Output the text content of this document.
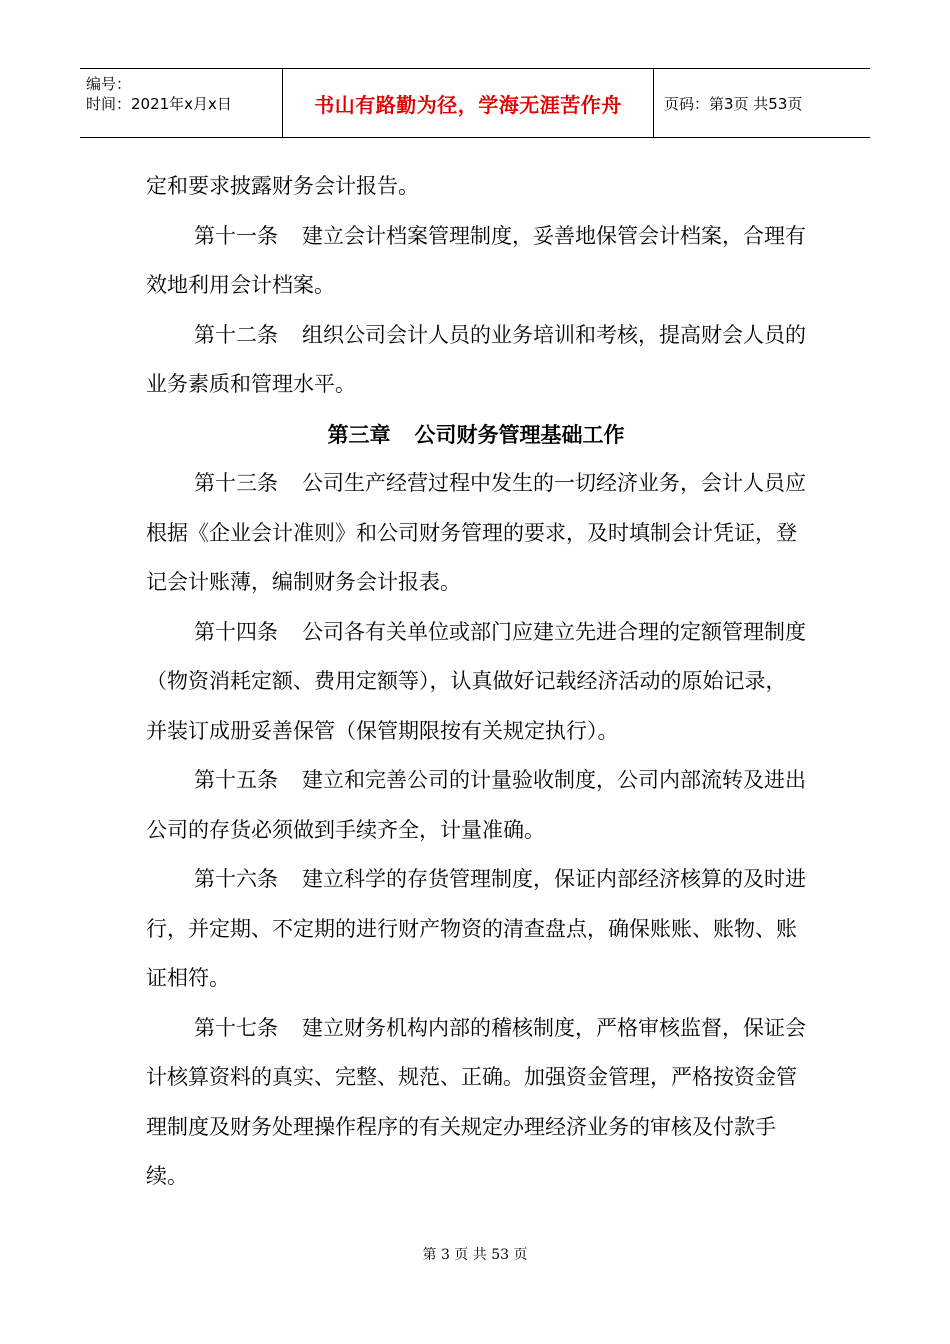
编号：
时间：2021年x月x日	书山有路勤为径，学海无涯苦作舟	页码：第3页 共53页

定和要求披露财务会计报告。

第十一条 建立会计档案管理制度，妥善地保管会计档案，合理有效地利用会计档案。

第十二条 组织公司会计人员的业务培训和考核，提高财会人员的业务素质和管理水平。

第三章 公司财务管理基础工作

第十三条 公司生产经营过程中发生的一切经济业务，会计人员应根据《企业会计准则》和公司财务管理的要求，及时填制会计凭证，登记会计账薄，编制财务会计报表。

第十四条 公司各有关单位或部门应建立先进合理的定额管理制度（物资消耗定额、费用定额等），认真做好记载经济活动的原始记录，并装订成册妥善保管（保管期限按有关规定执行）。

第十五条 建立和完善公司的计量验收制度，公司内部流转及进出公司的存货必须做到手续齐全，计量准确。

第十六条 建立科学的存货管理制度，保证内部经济核算的及时进行，并定期、不定期的进行财产物资的清查盘点，确保账账、账物、账证相符。

第十七条 建立财务机构内部的稽核制度，严格审核监督，保证会计核算资料的真实、完整、规范、正确。加强资金管理，严格按资金管理制度及财务处理操作程序的有关规定办理经济业务的审核及付款手续。

第 3 页 共 53 页
